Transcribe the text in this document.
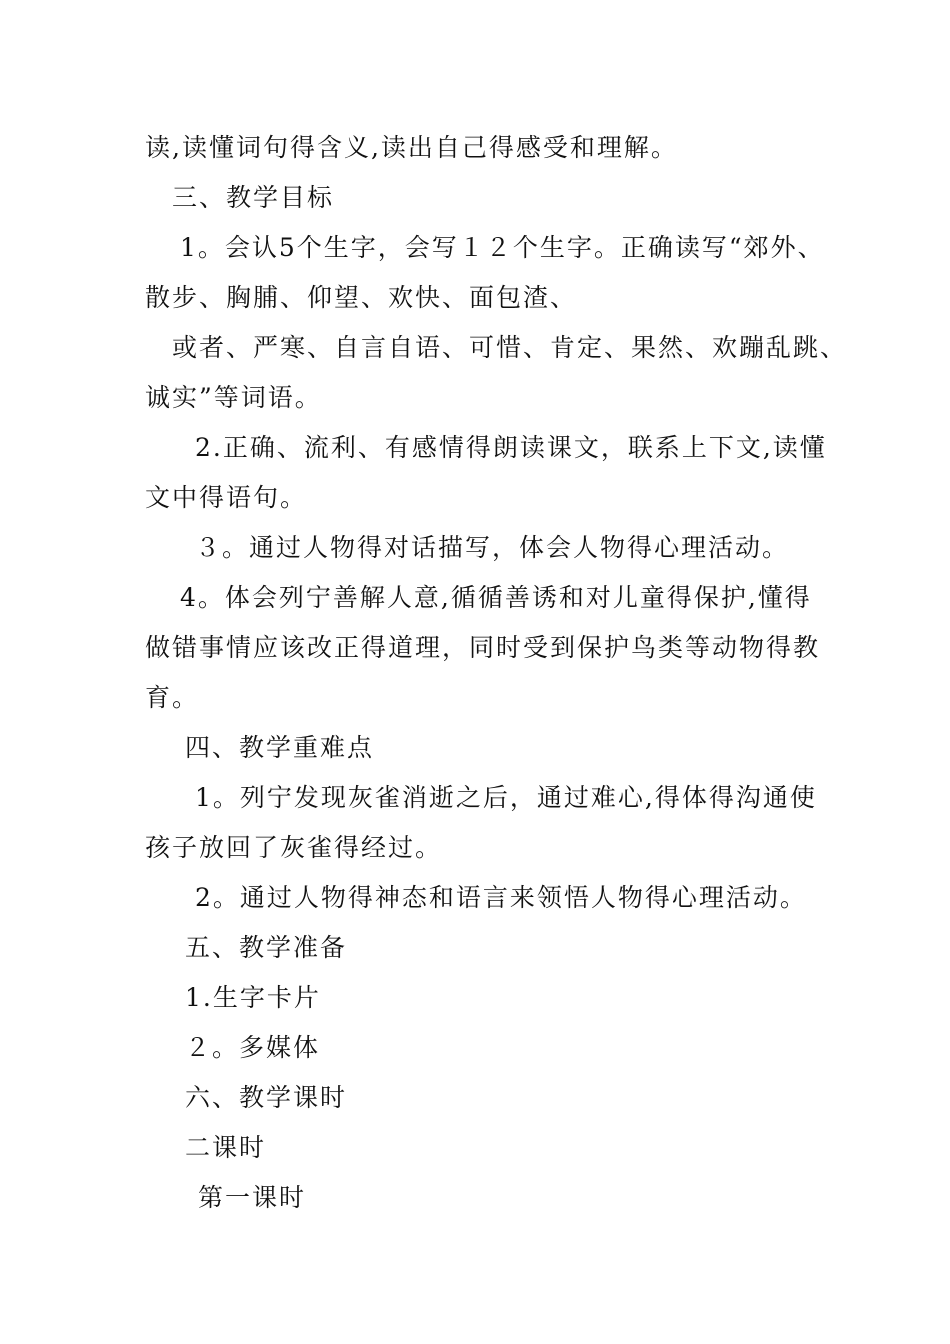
读,读懂词句得含义,读出自己得感受和理解。
三、教学目标
1。会认5个生字，会写１２个生字。正确读写“郊外、
散步、胸脯、仰望、欢快、面包渣、
或者、严寒、自言自语、可惜、肯定、果然、欢蹦乱跳、
诚实”等词语。
2.正确、流利、有感情得朗读课文，联系上下文,读懂
文中得语句。
３。通过人物得对话描写，体会人物得心理活动。
4。体会列宁善解人意,循循善诱和对儿童得保护,懂得
做错事情应该改正得道理，同时受到保护鸟类等动物得教
育。
四、教学重难点
1。列宁发现灰雀消逝之后，通过难心,得体得沟通使
孩子放回了灰雀得经过。
2。通过人物得神态和语言来领悟人物得心理活动。
五、教学准备
1.生字卡片
２。多媒体
六、教学课时
二课时
第一课时
